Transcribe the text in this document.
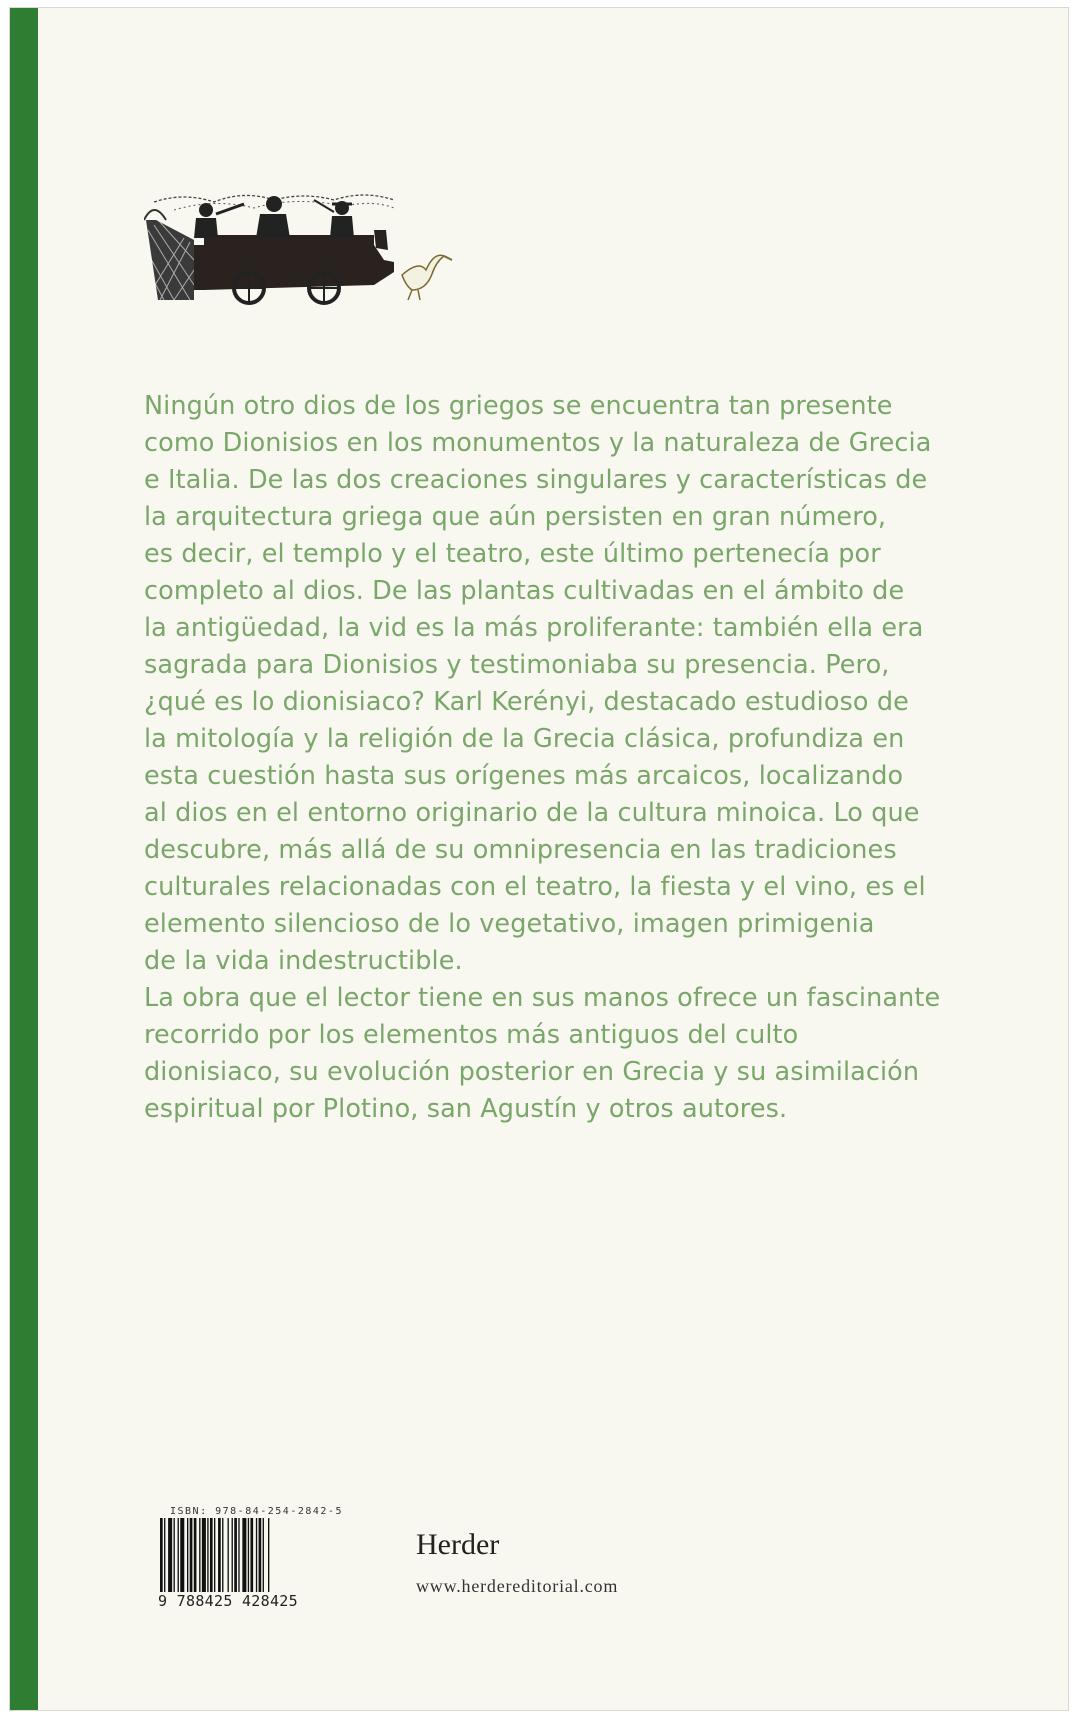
Ningún otro dios de los griegos se encuentra tan presente

como Dionisios en los monumentos y la naturaleza de Grecia

e Italia. De las dos creaciones singulares y características de

la arquitectura griega que aún persisten en gran número,

es decir, el templo y el teatro, este último pertenecía por

completo al dios. De las plantas cultivadas en el ámbito de

la antigüedad, la vid es la más proliferante: también ella era

sagrada para Dionisios y testimoniaba su presencia. Pero,

¿qué es lo dionisiaco? Karl Kerényi, destacado estudioso de

la mitología y la religión de la Grecia clásica, profundiza en

esta cuestión hasta sus orígenes más arcaicos, localizando

al dios en el entorno originario de la cultura minoica. Lo que

descubre, más allá de su omnipresencia en las tradiciones

culturales relacionadas con el teatro, la fiesta y el vino, es el

elemento silencioso de lo vegetativo, imagen primigenia

de la vida indestructible.

La obra que el lector tiene en sus manos ofrece un fascinante

recorrido por los elementos más antiguos del culto

dionisiaco, su evolución posterior en Grecia y su asimilación

espiritual por Plotino, san Agustín y otros autores.

ISBN: 978-84-254-2842-5
9 788425 428425
Herder
www.herdereditorial.com
